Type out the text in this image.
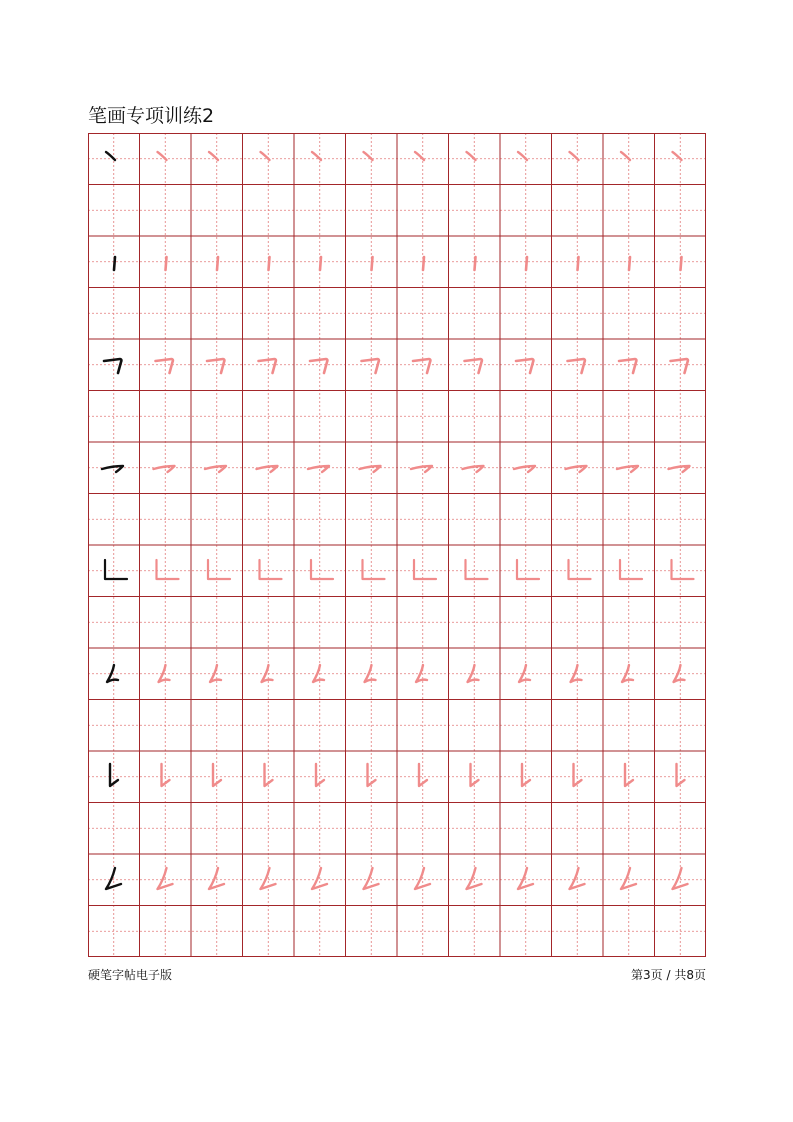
笔画专项训练2
硬笔字帖电子版	第3页 / 共8页
